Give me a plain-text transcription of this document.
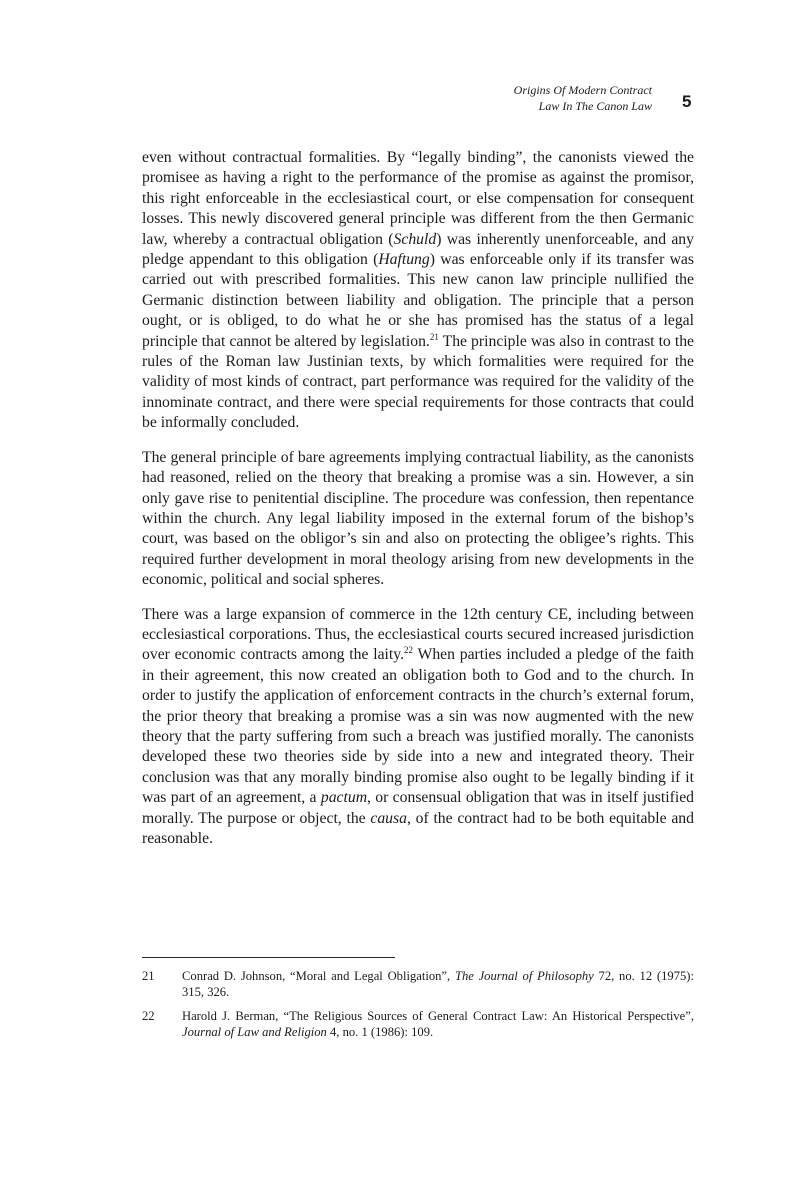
Origins Of Modern Contract
Law In The Canon Law 5

even without contractual formalities. By “legally binding”, the canonists viewed the promisee as having a right to the performance of the promise as against the promisor, this right enforceable in the ecclesiastical court, or else compensation for consequent losses. This newly discovered general principle was different from the then Germanic law, whereby a contractual obligation (Schuld) was inherently unenforceable, and any pledge appendant to this obligation (Haftung) was enforceable only if its transfer was carried out with prescribed formalities. This new canon law principle nullified the Germanic distinction between liability and obligation. The principle that a person ought, or is obliged, to do what he or she has promised has the status of a legal principle that cannot be altered by legislation.$^{21}$ The principle was also in contrast to the rules of the Roman law Justinian texts, by which formalities were required for the validity of most kinds of contract, part performance was required for the validity of the innominate contract, and there were special requirements for those contracts that could be informally concluded.

The general principle of bare agreements implying contractual liability, as the canonists had reasoned, relied on the theory that breaking a promise was a sin. However, a sin only gave rise to penitential discipline. The procedure was confession, then repentance within the church. Any legal liability imposed in the external forum of the bishop’s court, was based on the obligor’s sin and also on protecting the obligee’s rights. This required further development in moral theology arising from new developments in the economic, political and social spheres.

There was a large expansion of commerce in the 12th century CE, including between ecclesiastical corporations. Thus, the ecclesiastical courts secured increased jurisdiction over economic contracts among the laity.$^{22}$ When parties included a pledge of the faith in their agreement, this now created an obligation both to God and to the church. In order to justify the application of enforcement contracts in the church’s external forum, the prior theory that breaking a promise was a sin was now augmented with the new theory that the party suffering from such a breach was justified morally. The canonists developed these two theories side by side into a new and integrated theory. Their conclusion was that any morally binding promise also ought to be legally binding if it was part of an agreement, a pactum, or consensual obligation that was in itself justified morally. The purpose or object, the causa, of the contract had to be both equitable and reasonable.

21	Conrad D. Johnson, “Moral and Legal Obligation”, The Journal of Philosophy 72, no. 12 (1975): 315, 326.
22	Harold J. Berman, “The Religious Sources of General Contract Law: An Historical Perspective”, Journal of Law and Religion 4, no. 1 (1986): 109.
